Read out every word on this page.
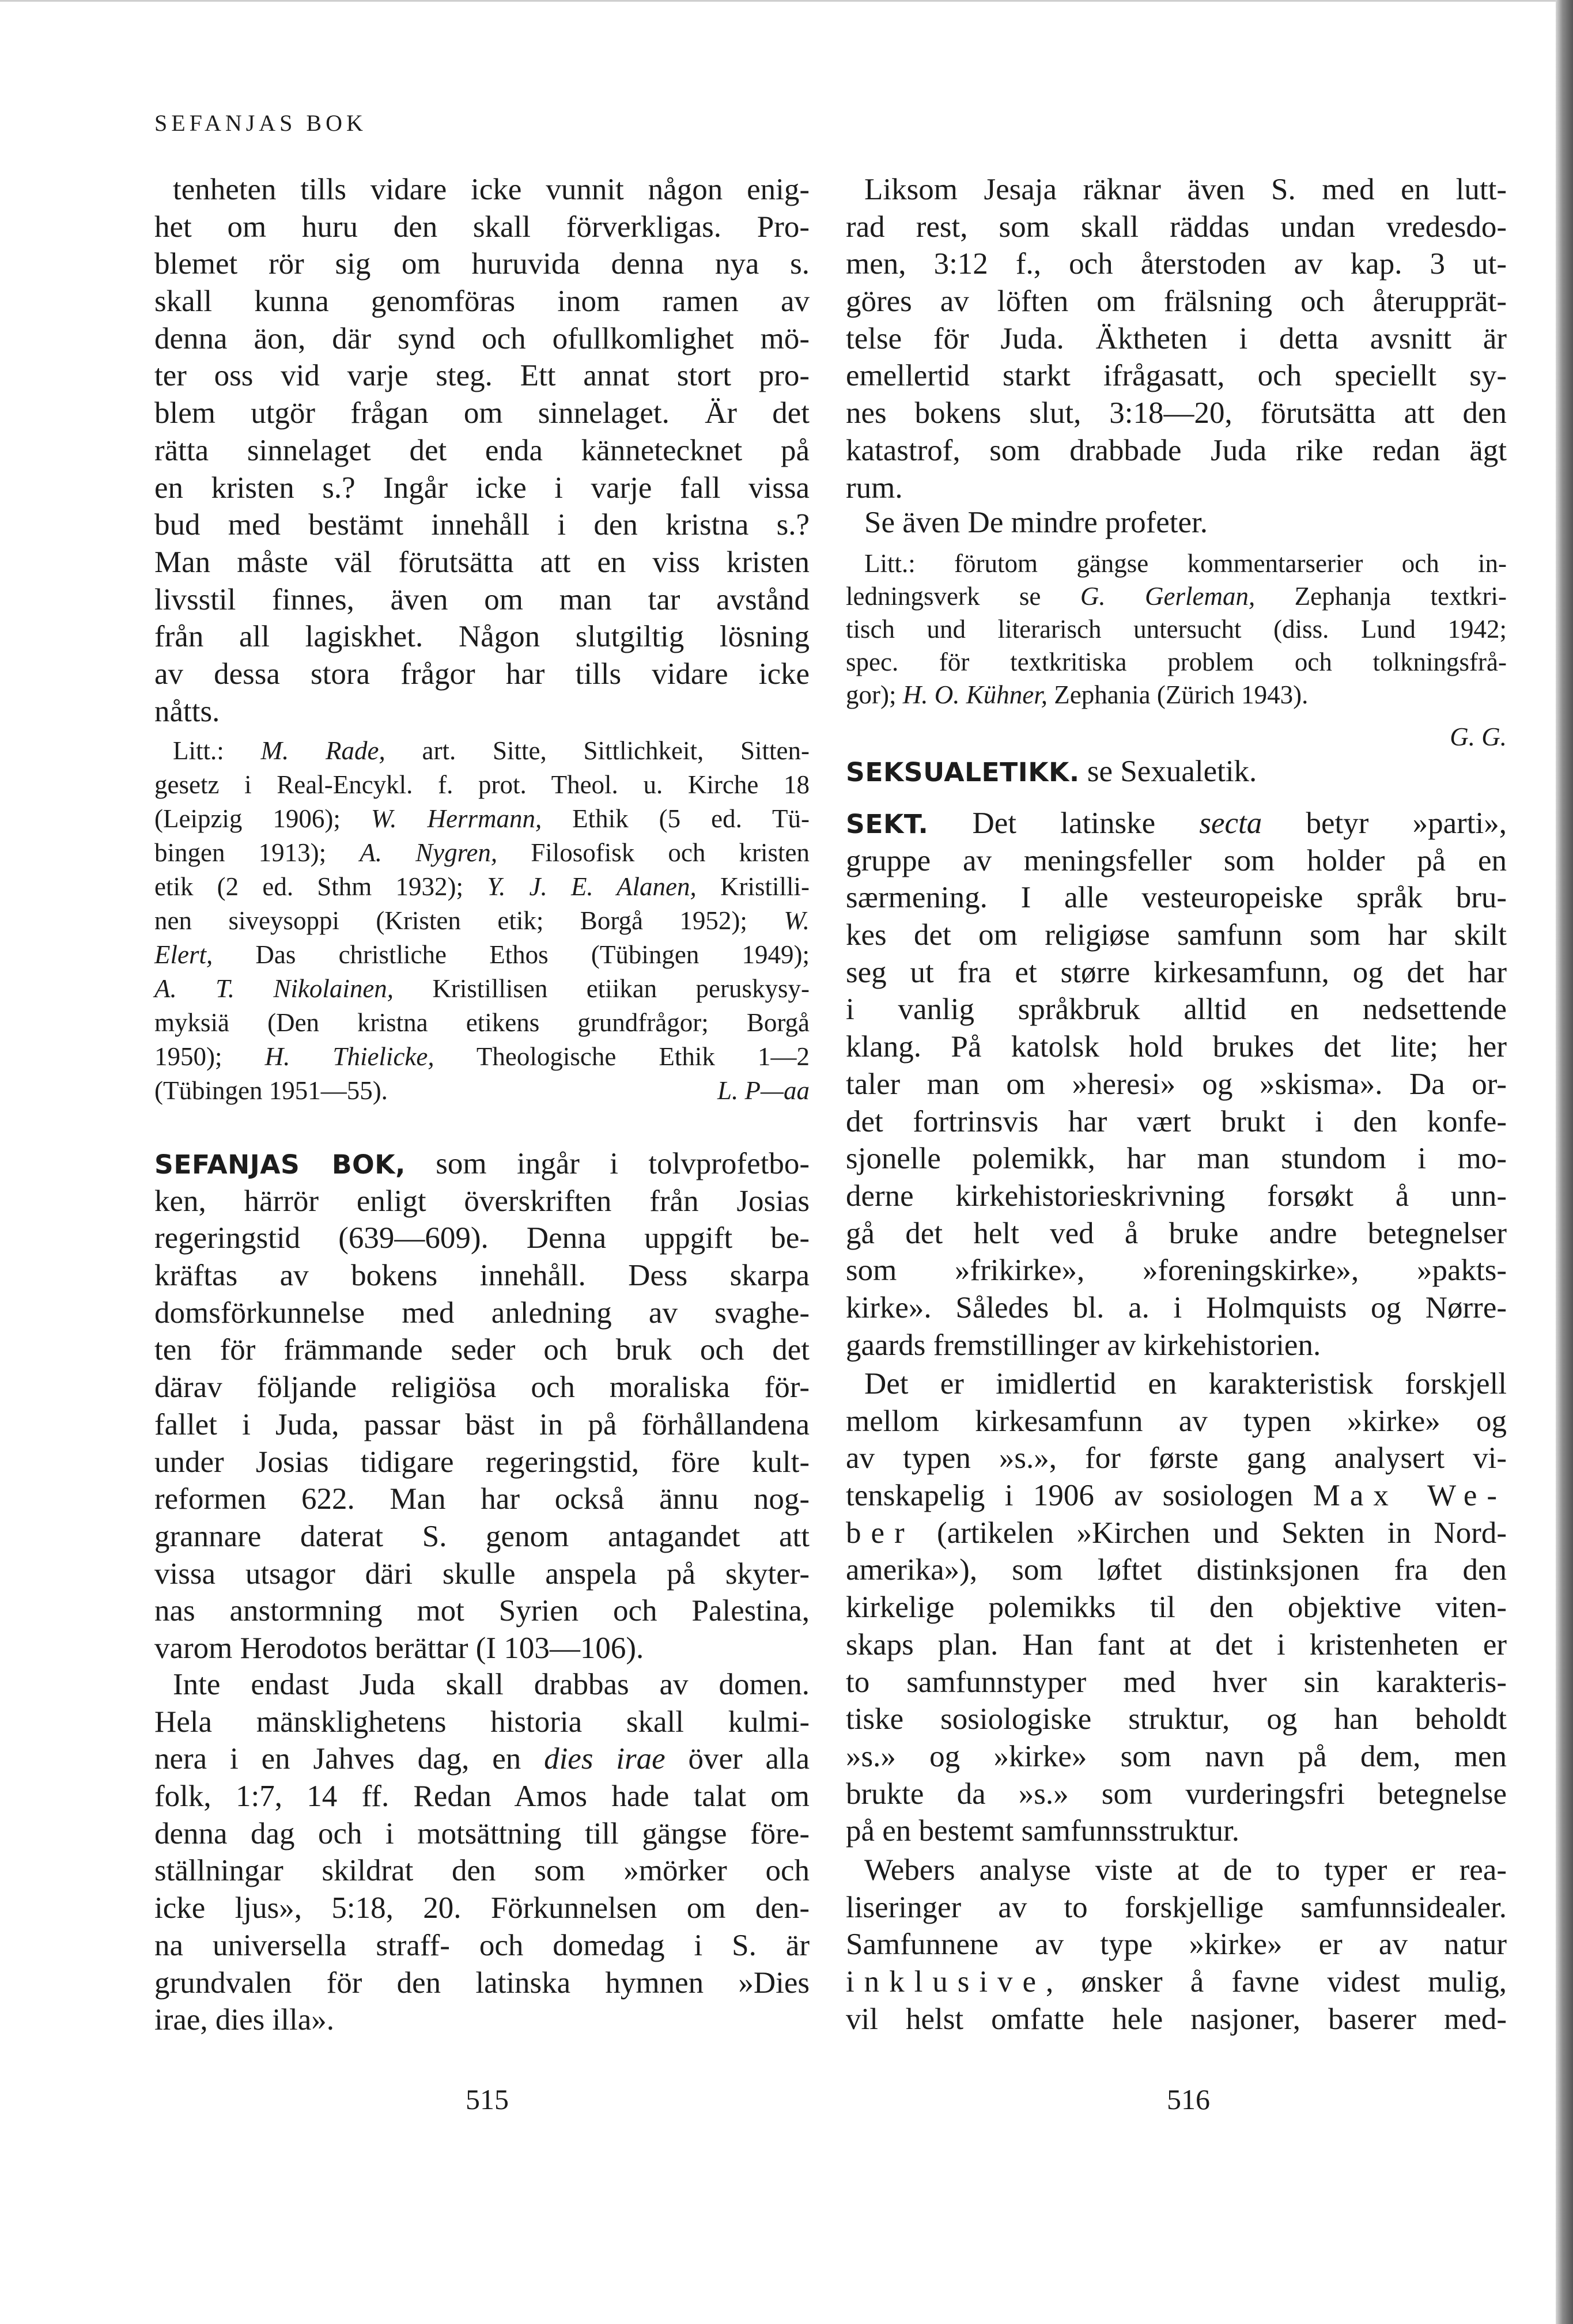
SEFANJAS BOK
tenheten tills vidare icke vunnit någon enig-
het om huru den skall förverkligas. Pro-
blemet rör sig om huruvida denna nya s.
skall kunna genomföras inom ramen av
denna äon, där synd och ofullkomlighet mö-
ter oss vid varje steg. Ett annat stort pro-
blem utgör frågan om sinnelaget. Är det
rätta sinnelaget det enda kännetecknet på
en kristen s.? Ingår icke i varje fall vissa
bud med bestämt innehåll i den kristna s.?
Man måste väl förutsätta att en viss kristen
livsstil finnes, även om man tar avstånd
från all lagiskhet. Någon slutgiltig lösning
av dessa stora frågor har tills vidare icke
nåtts.
Litt.: M. Rade, art. Sitte, Sittlichkeit, Sitten-
gesetz i Real-Encykl. f. prot. Theol. u. Kirche 18
(Leipzig 1906); W. Herrmann, Ethik (5 ed. Tü-
bingen 1913); A. Nygren, Filosofisk och kristen
etik (2 ed. Sthm 1932); Y. J. E. Alanen, Kristilli-
nen siveysoppi (Kristen etik; Borgå 1952); W.
Elert, Das christliche Ethos (Tübingen 1949);
A. T. Nikolainen, Kristillisen etiikan peruskysy-
myksiä (Den kristna etikens grundfrågor; Borgå
1950); H. Thielicke, Theologische Ethik 1—2
(Tübingen 1951—55).	L. P—aa
SEFANJAS BOK, som ingår i tolvprofetbo-
ken, härrör enligt överskriften från Josias
regeringstid (639—609). Denna uppgift be-
kräftas av bokens innehåll. Dess skarpa
domsförkunnelse med anledning av svaghe-
ten för främmande seder och bruk och det
därav följande religiösa och moraliska för-
fallet i Juda, passar bäst in på förhållandena
under Josias tidigare regeringstid, före kult-
reformen 622. Man har också ännu nog-
grannare daterat S. genom antagandet att
vissa utsagor däri skulle anspela på skyter-
nas anstormning mot Syrien och Palestina,
varom Herodotos berättar (I 103—106).
Inte endast Juda skall drabbas av domen.
Hela mänsklighetens historia skall kulmi-
nera i en Jahves dag, en dies irae över alla
folk, 1:7, 14 ff. Redan Amos hade talat om
denna dag och i motsättning till gängse före-
ställningar skildrat den som »mörker och
icke ljus», 5:18, 20. Förkunnelsen om den-
na universella straff- och domedag i S. är
grundvalen för den latinska hymnen »Dies
irae, dies illa».
Liksom Jesaja räknar även S. med en lutt-
rad rest, som skall räddas undan vredesdo-
men, 3:12 f., och återstoden av kap. 3 ut-
göres av löften om frälsning och återupprät-
telse för Juda. Äktheten i detta avsnitt är
emellertid starkt ifrågasatt, och speciellt sy-
nes bokens slut, 3:18—20, förutsätta att den
katastrof, som drabbade Juda rike redan ägt
rum.
Se även De mindre profeter.
Litt.: förutom gängse kommentarserier och in-
ledningsverk se G. Gerleman, Zephanja textkri-
tisch und literarisch untersucht (diss. Lund 1942;
spec. för textkritiska problem och tolkningsfrå-
gor); H. O. Kühner, Zephania (Zürich 1943).
G. G.
SEKSUALETIKK. se Sexualetik.
SEKT. Det latinske secta betyr »parti»,
gruppe av meningsfeller som holder på en
særmening. I alle vesteuropeiske språk bru-
kes det om religiøse samfunn som har skilt
seg ut fra et større kirkesamfunn, og det har
i vanlig språkbruk alltid en nedsettende
klang. På katolsk hold brukes det lite; her
taler man om »heresi» og »skisma». Da or-
det fortrinsvis har vært brukt i den konfe-
sjonelle polemikk, har man stundom i mo-
derne kirkehistorieskrivning forsøkt å unn-
gå det helt ved å bruke andre betegnelser
som »frikirke», »foreningskirke», »pakts-
kirke». Således bl. a. i Holmquists og Nørre-
gaards fremstillinger av kirkehistorien.
Det er imidlertid en karakteristisk forskjell
mellom kirkesamfunn av typen »kirke» og
av typen »s.», for første gang analysert vi-
tenskapelig i 1906 av sosiologen Max We-
ber (artikelen »Kirchen und Sekten in Nord-
amerika»), som løftet distinksjonen fra den
kirkelige polemikks til den objektive viten-
skaps plan. Han fant at det i kristenheten er
to samfunnstyper med hver sin karakteris-
tiske sosiologiske struktur, og han beholdt
»s.» og »kirke» som navn på dem, men
brukte da »s.» som vurderingsfri betegnelse
på en bestemt samfunnsstruktur.
Webers analyse viste at de to typer er rea-
liseringer av to forskjellige samfunnsidealer.
Samfunnene av type »kirke» er av natur
inklusive, ønsker å favne videst mulig,
vil helst omfatte hele nasjoner, baserer med-
515	516
